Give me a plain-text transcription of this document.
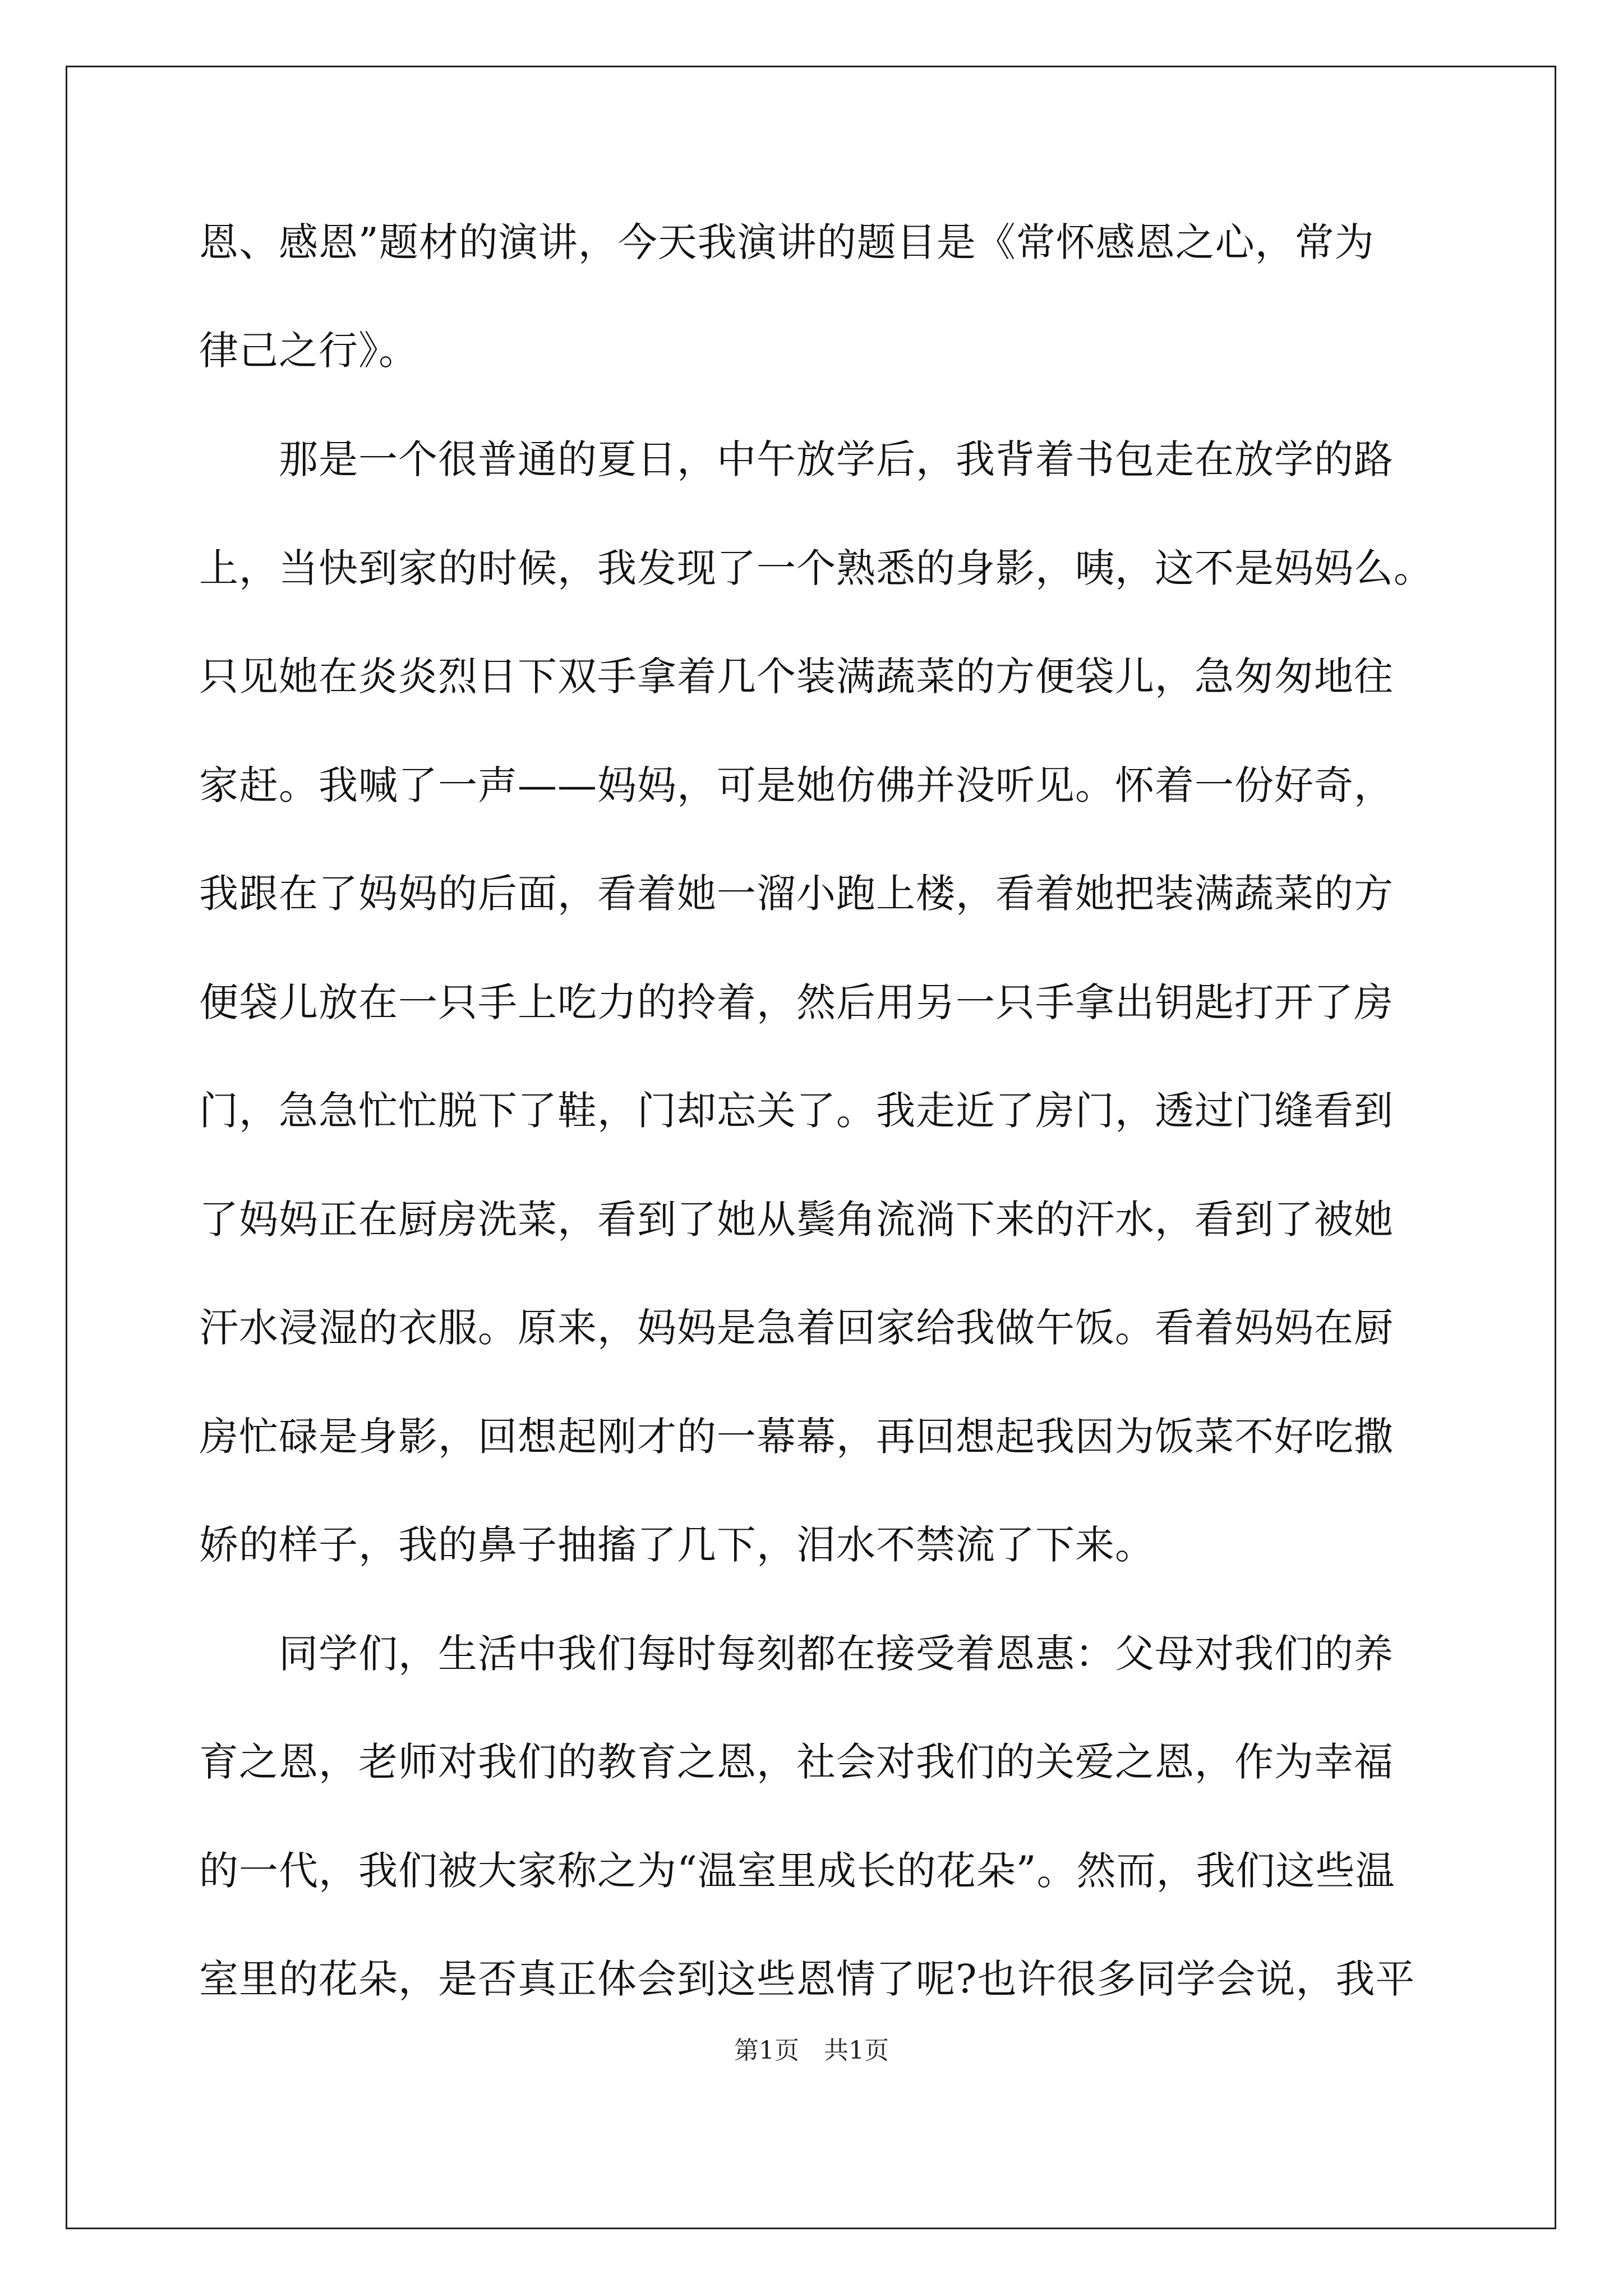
恩、感恩”题材的演讲，今天我演讲的题目是《常怀感恩之心，常为
律己之行》。
　　那是一个很普通的夏日，中午放学后，我背着书包走在放学的路
上，当快到家的时候，我发现了一个熟悉的身影，咦，这不是妈妈么。
只见她在炎炎烈日下双手拿着几个装满蔬菜的方便袋儿，急匆匆地往
家赶。我喊了一声——妈妈，可是她仿佛并没听见。怀着一份好奇，
我跟在了妈妈的后面，看着她一溜小跑上楼，看着她把装满蔬菜的方
便袋儿放在一只手上吃力的拎着，然后用另一只手拿出钥匙打开了房
门，急急忙忙脱下了鞋，门却忘关了。我走近了房门，透过门缝看到
了妈妈正在厨房洗菜，看到了她从鬓角流淌下来的汗水，看到了被她
汗水浸湿的衣服。原来，妈妈是急着回家给我做午饭。看着妈妈在厨
房忙碌是身影，回想起刚才的一幕幕，再回想起我因为饭菜不好吃撒
娇的样子，我的鼻子抽搐了几下，泪水不禁流了下来。
　　同学们，生活中我们每时每刻都在接受着恩惠：父母对我们的养
育之恩，老师对我们的教育之恩，社会对我们的关爱之恩，作为幸福
的一代，我们被大家称之为“温室里成长的花朵”。然而，我们这些温
室里的花朵，是否真正体会到这些恩情了呢?也许很多同学会说，我平
第1页　共1页
